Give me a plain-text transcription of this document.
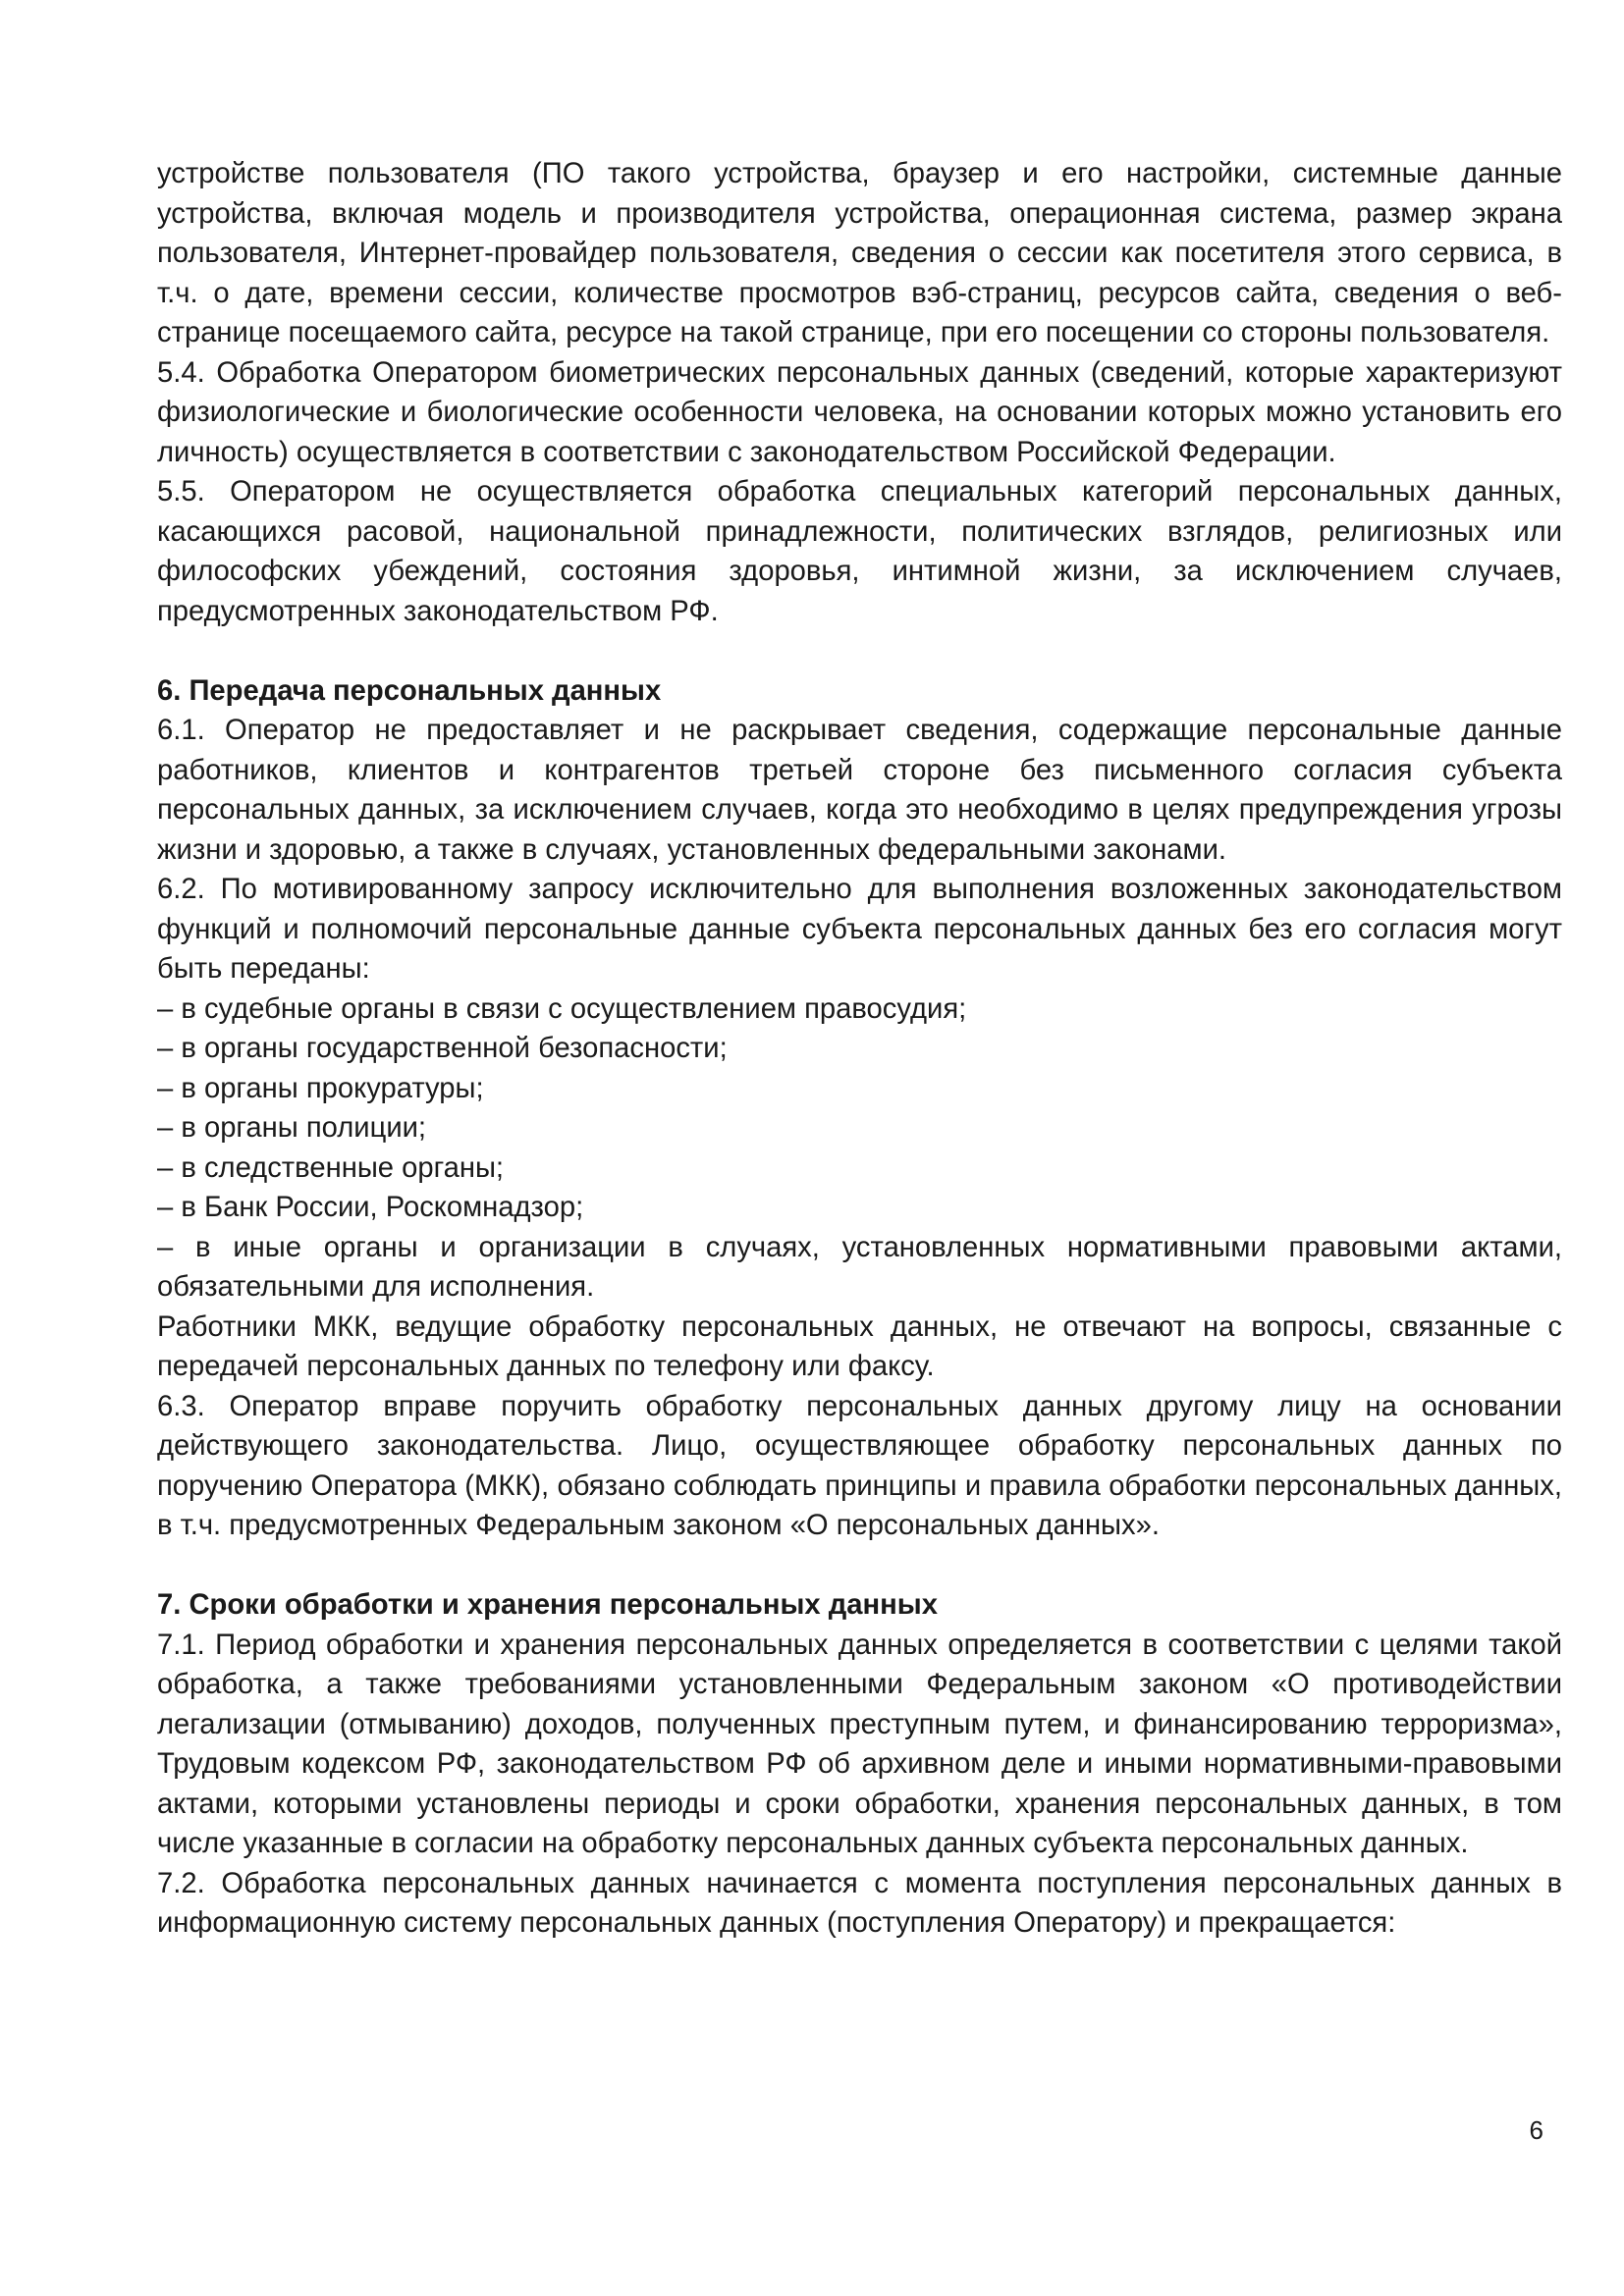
устройстве пользователя (ПО такого устройства, браузер и его настройки, системные данные устройства, включая модель и производителя устройства, операционная система, размер экрана пользователя, Интернет-провайдер пользователя, сведения о сессии как посетителя этого сервиса, в т.ч. о дате, времени сессии, количестве просмотров вэб-страниц, ресурсов сайта, сведения о веб-странице посещаемого сайта, ресурсе на такой странице, при его посещении со стороны пользователя.

5.4. Обработка Оператором биометрических персональных данных (сведений, которые характеризуют физиологические и биологические особенности человека, на основании которых можно установить его личность) осуществляется в соответствии с законодательством Российской Федерации.

5.5. Оператором не осуществляется обработка специальных категорий персональных данных, касающихся расовой, национальной принадлежности, политических взглядов, религиозных или философских убеждений, состояния здоровья, интимной жизни, за исключением случаев, предусмотренных законодательством РФ.

6. Передача персональных данных

6.1. Оператор не предоставляет и не раскрывает сведения, содержащие персональные данные работников, клиентов и контрагентов третьей стороне без письменного согласия субъекта персональных данных, за исключением случаев, когда это необходимо в целях предупреждения угрозы жизни и здоровью, а также в случаях, установленных федеральными законами.

6.2. По мотивированному запросу исключительно для выполнения возложенных законодательством функций и полномочий персональные данные субъекта персональных данных без его согласия могут быть переданы:

– в судебные органы в связи с осуществлением правосудия;

– в органы государственной безопасности;

– в органы прокуратуры;

– в органы полиции;

– в следственные органы;

– в Банк России, Роскомнадзор;

– в иные органы и организации в случаях, установленных нормативными правовыми актами, обязательными для исполнения.

Работники МКК, ведущие обработку персональных данных, не отвечают на вопросы, связанные с передачей персональных данных по телефону или факсу.

6.3. Оператор вправе поручить обработку персональных данных другому лицу на основании действующего законодательства. Лицо, осуществляющее обработку персональных данных по поручению Оператора (МКК), обязано соблюдать принципы и правила обработки персональных данных, в т.ч. предусмотренных Федеральным законом «О персональных данных».

7. Сроки обработки и хранения персональных данных

7.1. Период обработки и хранения персональных данных определяется в соответствии с целями такой обработка, а также требованиями установленными Федеральным законом «О противодействии легализации (отмыванию) доходов, полученных преступным путем, и финансированию терроризма», Трудовым кодексом РФ, законодательством РФ об архивном деле и иными нормативными-правовыми актами, которыми установлены периоды и сроки обработки, хранения персональных данных, в том числе указанные в согласии на обработку персональных данных субъекта персональных данных.

7.2. Обработка персональных данных начинается с момента поступления персональных данных в информационную систему персональных данных (поступления Оператору) и прекращается:

6
